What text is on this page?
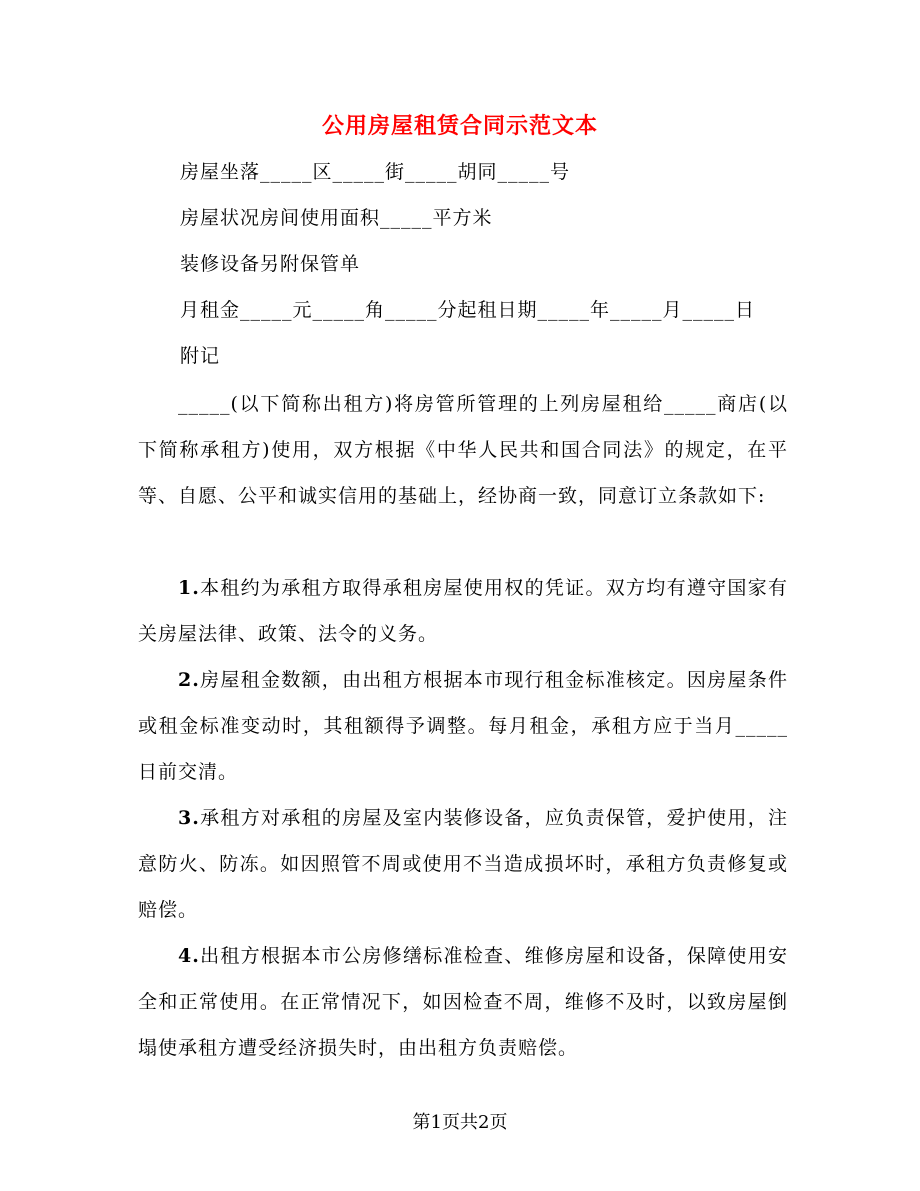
公用房屋租赁合同示范文本
房屋坐落_____区_____街_____胡同_____号
房屋状况房间使用面积_____平方米
装修设备另附保管单
月租金_____元_____角_____分起租日期_____年_____月_____日
附记
_____(以下简称出租方)将房管所管理的上列房屋租给_____商店(以下简称承租方)使用，双方根据《中华人民共和国合同法》的规定，在平等、自愿、公平和诚实信用的基础上，经协商一致，同意订立条款如下:
1.本租约为承租方取得承租房屋使用权的凭证。双方均有遵守国家有关房屋法律、政策、法令的义务。
2.房屋租金数额，由出租方根据本市现行租金标准核定。因房屋条件或租金标准变动时，其租额得予调整。每月租金，承租方应于当月_____日前交清。
3.承租方对承租的房屋及室内装修设备，应负责保管，爱护使用，注意防火、防冻。如因照管不周或使用不当造成损坏时，承租方负责修复或赔偿。
4.出租方根据本市公房修缮标准检查、维修房屋和设备，保障使用安全和正常使用。在正常情况下，如因检查不周，维修不及时，以致房屋倒塌使承租方遭受经济损失时，由出租方负责赔偿。
第1页共2页
